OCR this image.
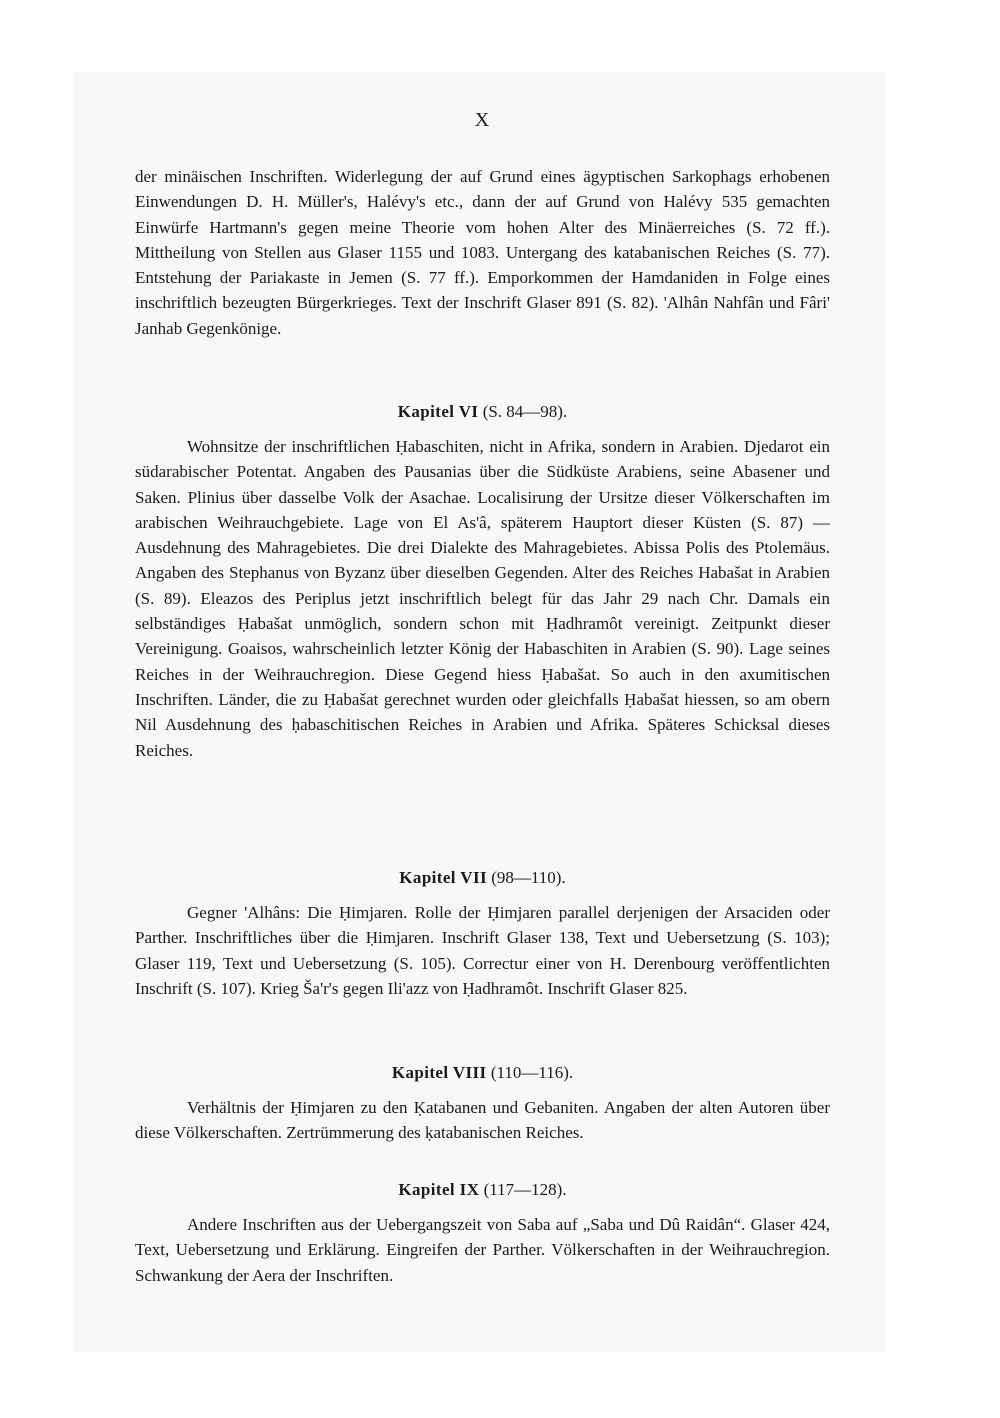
X

der minäischen Inschriften. Widerlegung der auf Grund eines ägyptischen Sarkophags erhobenen Einwendungen D. H. Müller's, Halévy's etc., dann der auf Grund von Halévy 535 gemachten Einwürfe Hartmann's gegen meine Theorie vom hohen Alter des Minäerreiches (S. 72 ff.). Mittheilung von Stellen aus Glaser 1155 und 1083. Untergang des katabanischen Reiches (S. 77). Entstehung der Pariakaste in Jemen (S. 77 ff.). Emporkommen der Hamdaniden in Folge eines inschriftlich bezeugten Bürgerkrieges. Text der Inschrift Glaser 891 (S. 82). 'Alhân Nahfân und Fâri' Janhab Gegenkönige.

Kapitel VI (S. 84—98).

Wohnsitze der inschriftlichen Ḥabaschiten, nicht in Afrika, sondern in Arabien. Djedarot ein südarabischer Potentat. Angaben des Pausanias über die Südküste Arabiens, seine Abasener und Saken. Plinius über dasselbe Volk der Asachae. Localisirung der Ursitze dieser Völkerschaften im arabischen Weihrauchgebiete. Lage von El As'â, späterem Hauptort dieser Küsten (S. 87) — Ausdehnung des Mahragebietes. Die drei Dialekte des Mahragebietes. Abissa Polis des Ptolemäus. Angaben des Stephanus von Byzanz über dieselben Gegenden. Alter des Reiches Habašat in Arabien (S. 89). Eleazos des Periplus jetzt inschriftlich belegt für das Jahr 29 nach Chr. Damals ein selbständiges Ḥabašat unmöglich, sondern schon mit Ḥadhramôt vereinigt. Zeitpunkt dieser Vereinigung. Goaisos, wahrscheinlich letzter König der Habaschiten in Arabien (S. 90). Lage seines Reiches in der Weihrauchregion. Diese Gegend hiess Ḥabašat. So auch in den axumitischen Inschriften. Länder, die zu Ḥabašat gerechnet wurden oder gleichfalls Ḥabašat hiessen, so am obern Nil Ausdehnung des ḥabaschitischen Reiches in Arabien und Afrika. Späteres Schicksal dieses Reiches.

Kapitel VII (98—110).

Gegner 'Alhâns: Die Ḥimjaren. Rolle der Ḥimjaren parallel derjenigen der Arsaciden oder Parther. Inschriftliches über die Ḥimjaren. Inschrift Glaser 138, Text und Uebersetzung (S. 103); Glaser 119, Text und Uebersetzung (S. 105). Correctur einer von H. Derenbourg veröffentlichten Inschrift (S. 107). Krieg Ša'r's gegen Ili'azz von Ḥadhramôt. Inschrift Glaser 825.

Kapitel VIII (110—116).

Verhältnis der Ḥimjaren zu den Ḳatabanen und Gebaniten. Angaben der alten Autoren über diese Völkerschaften. Zertrümmerung des ḳatabanischen Reiches.

Kapitel IX (117—128).

Andere Inschriften aus der Uebergangszeit von Saba auf „Saba und Dû Raidân“. Glaser 424, Text, Uebersetzung und Erklärung. Eingreifen der Parther. Völkerschaften in der Weihrauchregion. Schwankung der Aera der Inschriften.
